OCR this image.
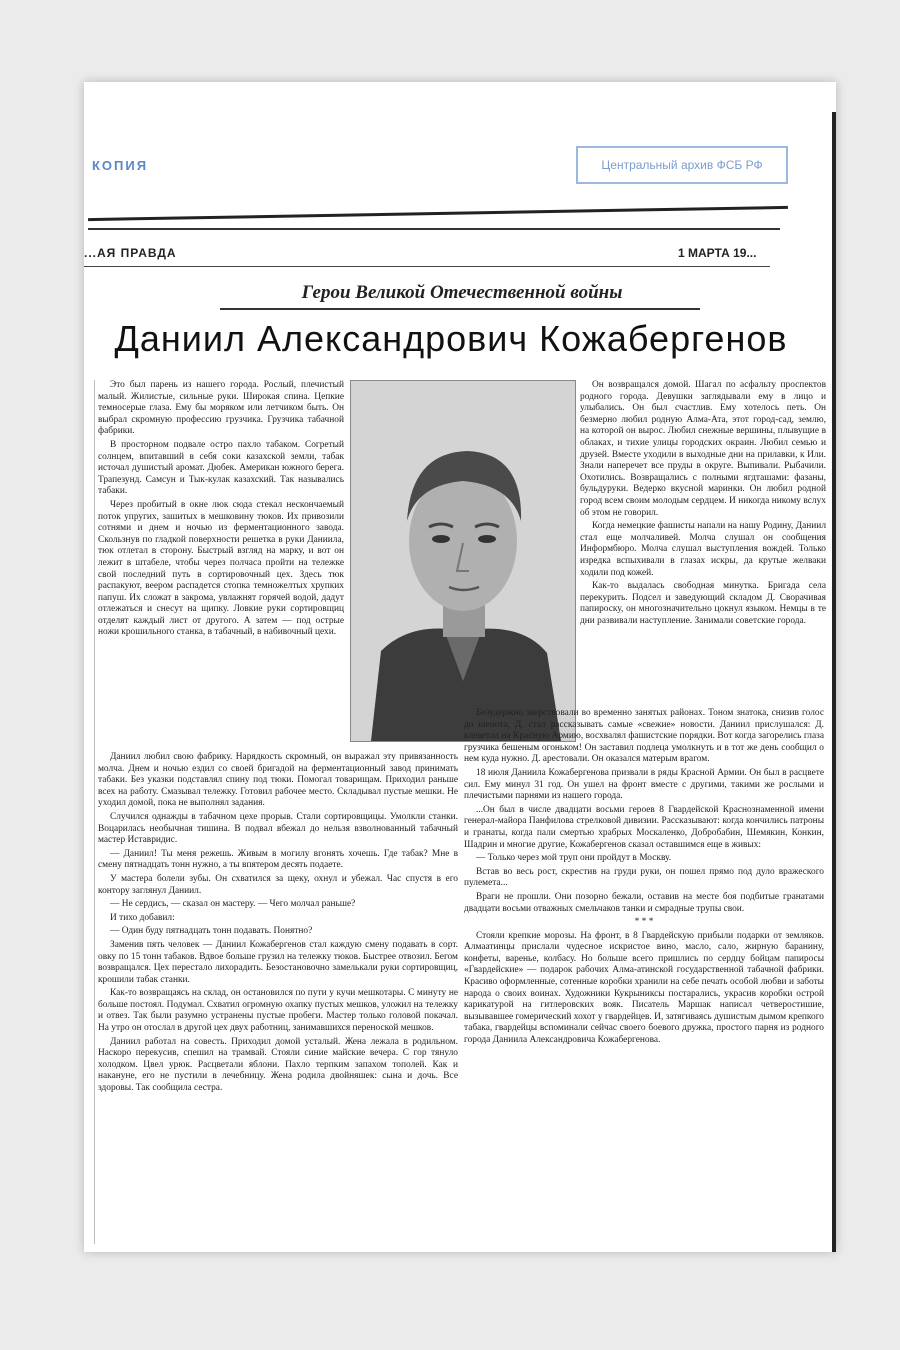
КОПИЯ	Центральный архив ФСБ РФ
...АЯ ПРАВДА	1 МАРТА 19...
Герои Великой Отечественной войны
Даниил Александрович Кожабергенов

Это был парень из нашего города. Рослый, плечистый малый. Жилистые, сильные руки. Широкая спина. Цепкие темносерые глаза. Ему бы моряком или летчиком быть. Он выбрал скромную профессию грузчика. Грузчика табачной фабрики.

В просторном подвале остро пахло табаком. Согретый солнцем, впитавший в себя соки казахской земли, табак источал душистый аромат. Дюбек. Американ южного берега. Трапезунд. Самсун и Тык-кулак казахский. Так назывались табаки.

Через пробитый в окне люк сюда стекал нескончаемый поток упругих, зашитых в мешковину тюков. Их привозили сотнями и днем и ночью из ферментационного завода. Скользнув по гладкой поверхности решетка в руки Даниила, тюк отлетал в сторону. Быстрый взгляд на марку, и вот он лежит в штабеле, чтобы через полчаса пройти на тележке свой последний путь в сортировочный цех. Здесь тюк распакуют, веером распадется стопка темножелтых хрупких папуш. Их сложат в закрома, увлажнят горячей водой, дадут отлежаться и снесут на щипку. Ловкие руки сортировщиц отделят каждый лист от другого. А затем — под острые ножи крошильного станка, в табачный, в набивочный цехи.

Он возвращался домой. Шагал по асфальту проспектов родного города. Девушки заглядывали ему в лицо и улыбались. Он был счастлив. Ему хотелось петь. Он безмерно любил родную Алма-Ата, этот город-сад, землю, на которой он вырос. Любил снежные вершины, плывущие в облаках, и тихие улицы городских окраин. Любил семью и друзей. Вместе уходили в выходные дни на прилавки, к Или. Знали наперечет все пруды в округе. Выпивали. Рыбачили. Охотились. Возвращались с полными ягдташами: фазаны, бульдуруки. Ведерко вкусной маринки. Он любил родной город всем своим молодым сердцем. И никогда никому вслух об этом не говорил.

Когда немецкие фашисты напали на нашу Родину, Даниил стал еще молчаливей. Молча слушал он сообщения Информбюро. Молча слушал выступления вождей. Только изредка вспыхивали в глазах искры, да крутые желваки ходили под кожей.

Как-то выдалась свободная минутка. Бригада села перекурить. Подсел и заведующий складом Д. Сворачивая папироску, он многозначительно цокнул языком. Немцы в те дни развивали наступление. Занимали советские города.

Даниил любил свою фабрику. Нарядкость скромный, он выражал эту привязанность молча. Днем и ночью ездил со своей бригадой на ферментационный завод принимать табаки. Без указки подставлял спину под тюки. Помогал товарищам. Приходил раньше всех на работу. Смазывал тележку. Готовил рабочее место. Складывал пустые мешки. Не уходил домой, пока не выполнял задания.

Случился однажды в табачном цехе прорыв. Стали сортировщицы. Умолкли станки. Воцарилась необычная тишина. В подвал вбежал до нельзя взволнованный табачный мастер Иставридис.

— Даниил! Ты меня режешь. Живым в могилу вгонять хочешь. Где табак? Мне в смену пятнадцать тонн нужно, а ты впятером десять подаете.

У мастера болели зубы. Он схватился за щеку, охнул и убежал. Час спустя в его контору заглянул Даниил.

— Не сердись, — сказал он мастеру. — Чего молчал раньше?

И тихо добавил:

— Один буду пятнадцать тонн подавать. Понятно?

Заменив пять человек — Даниил Кожабергенов стал каждую смену подавать в сорт. овку по 15 тонн табаков. Вдвое больше грузил на тележку тюков. Быстрее отвозил. Бегом возвращался. Цех перестало лихорадить. Безостановочно замелькали руки сортировщиц, крошили табак станки.

Как-то возвращаясь на склад, он остановился по пути у кучи мешкотары. С минуту не больше постоял. Подумал. Схватил огромную охапку пустых мешков, уложил на тележку и отвез. Так были разумно устранены пустые пробеги. Мастер только головой покачал. На утро он отослал в другой цех двух работниц, занимавшихся переноской мешков.

Даниил работал на совесть. Приходил домой усталый. Жена лежала в родильном. Наскоро перекусив, спешил на трамвай. Стояли синие майские вечера. С гор тянуло холодком. Цвел урюк. Расцветали яблони. Пахло терпким запахом тополей. Как и накануне, его не пустили в лечебницу. Жена родила двойняшек: сына и дочь. Все здоровы. Так сообщила сестра.

Безудержно зверствовали во временно занятых районах. Тоном знатока, снизив голос до шепота, Д. стал рассказывать самые «свежие» новости. Даниил прислушался: Д. клеветал на Красную Армию, восхвалял фашистские порядки. Вот когда загорелись глаза грузчика бешеным огоньком! Он заставил подлеца умолкнуть и в тот же день сообщил о нем куда нужно. Д. арестовали. Он оказался матерым врагом.

18 июля Даниила Кожабергенова призвали в ряды Красной Армии. Он был в расцвете сил. Ему минул 31 год. Он ушел на фронт вместе с другими, такими же рослыми и плечистыми парнями из нашего города.

...Он был в числе двадцати восьми героев 8 Гвардейской Краснознаменной имени генерал-майора Панфилова стрелковой дивизии. Рассказывают: когда кончились патроны и гранаты, когда пали смертью храбрых Москаленко, Добробабин, Шемякин, Конкин, Шадрин и многие другие, Кожабергенов сказал оставшимся еще в живых:

— Только через мой труп они пройдут в Москву.

Встав во весь рост, скрестив на груди руки, он пошел прямо под дуло вражеского пулемета...

Враги не прошли. Они позорно бежали, оставив на месте боя подбитые гранатами двадцати восьми отважных смельчаков танки и смрадные трупы свои.

* * *

Стояли крепкие морозы. На фронт, в 8 Гвардейскую прибыли подарки от земляков. Алмаатинцы прислали чудесное искристое вино, масло, сало, жирную баранину, конфеты, варенье, колбасу. Но больше всего пришлись по сердцу бойцам папиросы «Гвардейские» — подарок рабочих Алма-атинской государственной табачной фабрики. Красиво оформленные, сотенные коробки хранили на себе печать особой любви и заботы народа о своих воинах. Художники Кукрыниксы постарались, украсив коробки острой карикатурой на гитлеровских вояк. Писатель Маршак написал четверостишие, вызывавшее гомерический хохот у гвардейцев. И, затягиваясь душистым дымом крепкого табака, гвардейцы вспоминали сейчас своего боевого дружка, простого парня из родного города Даниила Александровича Кожабергенова.
